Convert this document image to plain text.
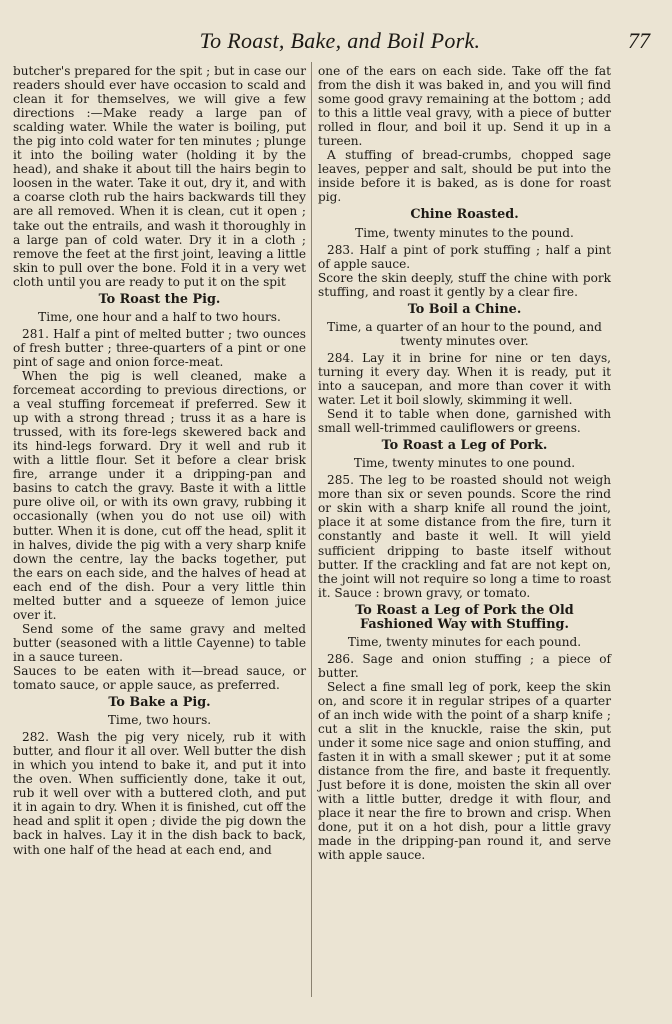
To Roast, Bake, and Boil Pork.	77

butcher's prepared for the spit ; but in case our readers should ever have occasion to scald and clean it for themselves, we will give a few directions :—Make ready a large pan of scalding water. While the water is boiling, put the pig into cold water for ten minutes ; plunge it into the boiling water (holding it by the head), and shake it about till the hairs begin to loosen in the water. Take it out, dry it, and with a coarse cloth rub the hairs backwards till they are all removed. When it is clean, cut it open ; take out the entrails, and wash it thoroughly in a large pan of cold water. Dry it in a cloth ; remove the feet at the first joint, leaving a little skin to pull over the bone. Fold it in a very wet cloth until you are ready to put it on the spit

To Roast the Pig.

Time, one hour and a half to two hours.

281. Half a pint of melted butter ; two ounces of fresh butter ; three-quarters of a pint or one pint of sage and onion force-meat.

When the pig is well cleaned, make a forcemeat according to previous directions, or a veal stuffing forcemeat if preferred. Sew it up with a strong thread ; truss it as a hare is trussed, with its fore-legs skewered back and its hind-legs forward. Dry it well and rub it with a little flour. Set it before a clear brisk fire, arrange under it a dripping-pan and basins to catch the gravy. Baste it with a little pure olive oil, or with its own gravy, rubbing it occasionally (when you do not use oil) with butter. When it is done, cut off the head, split it in halves, divide the pig with a very sharp knife down the centre, lay the backs together, put the ears on each side, and the halves of head at each end of the dish. Pour a very little thin melted butter and a squeeze of lemon juice over it.

Send some of the same gravy and melted butter (seasoned with a little Cayenne) to table in a sauce tureen.

Sauces to be eaten with it—bread sauce, or tomato sauce, or apple sauce, as preferred.

To Bake a Pig.

Time, two hours.

282. Wash the pig very nicely, rub it with butter, and flour it all over. Well butter the dish in which you intend to bake it, and put it into the oven. When sufficiently done, take it out, rub it well over with a buttered cloth, and put it in again to dry. When it is finished, cut off the head and split it open ; divide the pig down the back in halves. Lay it in the dish back to back, with one half of the head at each end, and

one of the ears on each side. Take off the fat from the dish it was baked in, and you will find some good gravy remaining at the bottom ; add to this a little veal gravy, with a piece of butter rolled in flour, and boil it up. Send it up in a tureen.

A stuffing of bread-crumbs, chopped sage leaves, pepper and salt, should be put into the inside before it is baked, as is done for roast pig.

Chine Roasted.

Time, twenty minutes to the pound.

283. Half a pint of pork stuffing ; half a pint of apple sauce.

Score the skin deeply, stuff the chine with pork stuffing, and roast it gently by a clear fire.

To Boil a Chine.

Time, a quarter of an hour to the pound, and twenty minutes over.

284. Lay it in brine for nine or ten days, turning it every day. When it is ready, put it into a saucepan, and more than cover it with water. Let it boil slowly, skimming it well.

Send it to table when done, garnished with small well-trimmed cauliflowers or greens.

To Roast a Leg of Pork.

Time, twenty minutes to one pound.

285. The leg to be roasted should not weigh more than six or seven pounds. Score the rind or skin with a sharp knife all round the joint, place it at some distance from the fire, turn it constantly and baste it well. It will yield sufficient dripping to baste itself without butter. If the crackling and fat are not kept on, the joint will not require so long a time to roast it. Sauce : brown gravy, or tomato.

To Roast a Leg of Pork the Old Fashioned Way with Stuffing.

Time, twenty minutes for each pound.

286. Sage and onion stuffing ; a piece of butter.

Select a fine small leg of pork, keep the skin on, and score it in regular stripes of a quarter of an inch wide with the point of a sharp knife ; cut a slit in the knuckle, raise the skin, put under it some nice sage and onion stuffing, and fasten it in with a small skewer ; put it at some distance from the fire, and baste it frequently. Just before it is done, moisten the skin all over with a little butter, dredge it with flour, and place it near the fire to brown and crisp. When done, put it on a hot dish, pour a little gravy made in the dripping-pan round it, and serve with apple sauce.
